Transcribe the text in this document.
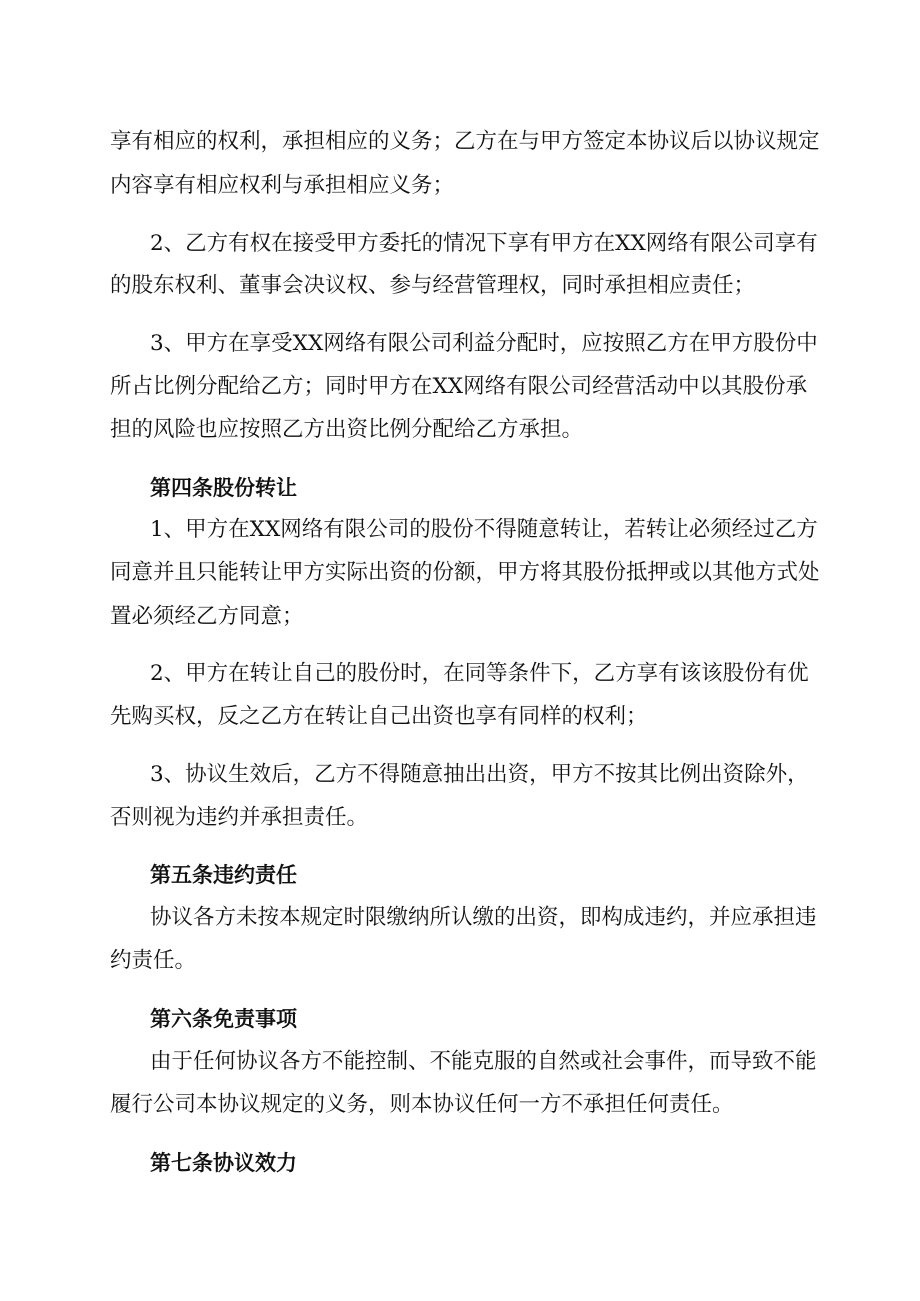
享有相应的权利，承担相应的义务；乙方在与甲方签定本协议后以协议规定
内容享有相应权利与承担相应义务；
2、乙方有权在接受甲方委托的情况下享有甲方在XX网络有限公司享有
的股东权利、董事会决议权、参与经营管理权，同时承担相应责任；
3、甲方在享受XX网络有限公司利益分配时，应按照乙方在甲方股份中
所占比例分配给乙方；同时甲方在XX网络有限公司经营活动中以其股份承
担的风险也应按照乙方出资比例分配给乙方承担。
第四条股份转让
1、甲方在XX网络有限公司的股份不得随意转让，若转让必须经过乙方
同意并且只能转让甲方实际出资的份额，甲方将其股份抵押或以其他方式处
置必须经乙方同意；
2、甲方在转让自己的股份时，在同等条件下，乙方享有该该股份有优
先购买权，反之乙方在转让自己出资也享有同样的权利；
3、协议生效后，乙方不得随意抽出出资，甲方不按其比例出资除外，
否则视为违约并承担责任。
第五条违约责任
协议各方未按本规定时限缴纳所认缴的出资，即构成违约，并应承担违
约责任。
第六条免责事项
由于任何协议各方不能控制、不能克服的自然或社会事件，而导致不能
履行公司本协议规定的义务，则本协议任何一方不承担任何责任。
第七条协议效力
